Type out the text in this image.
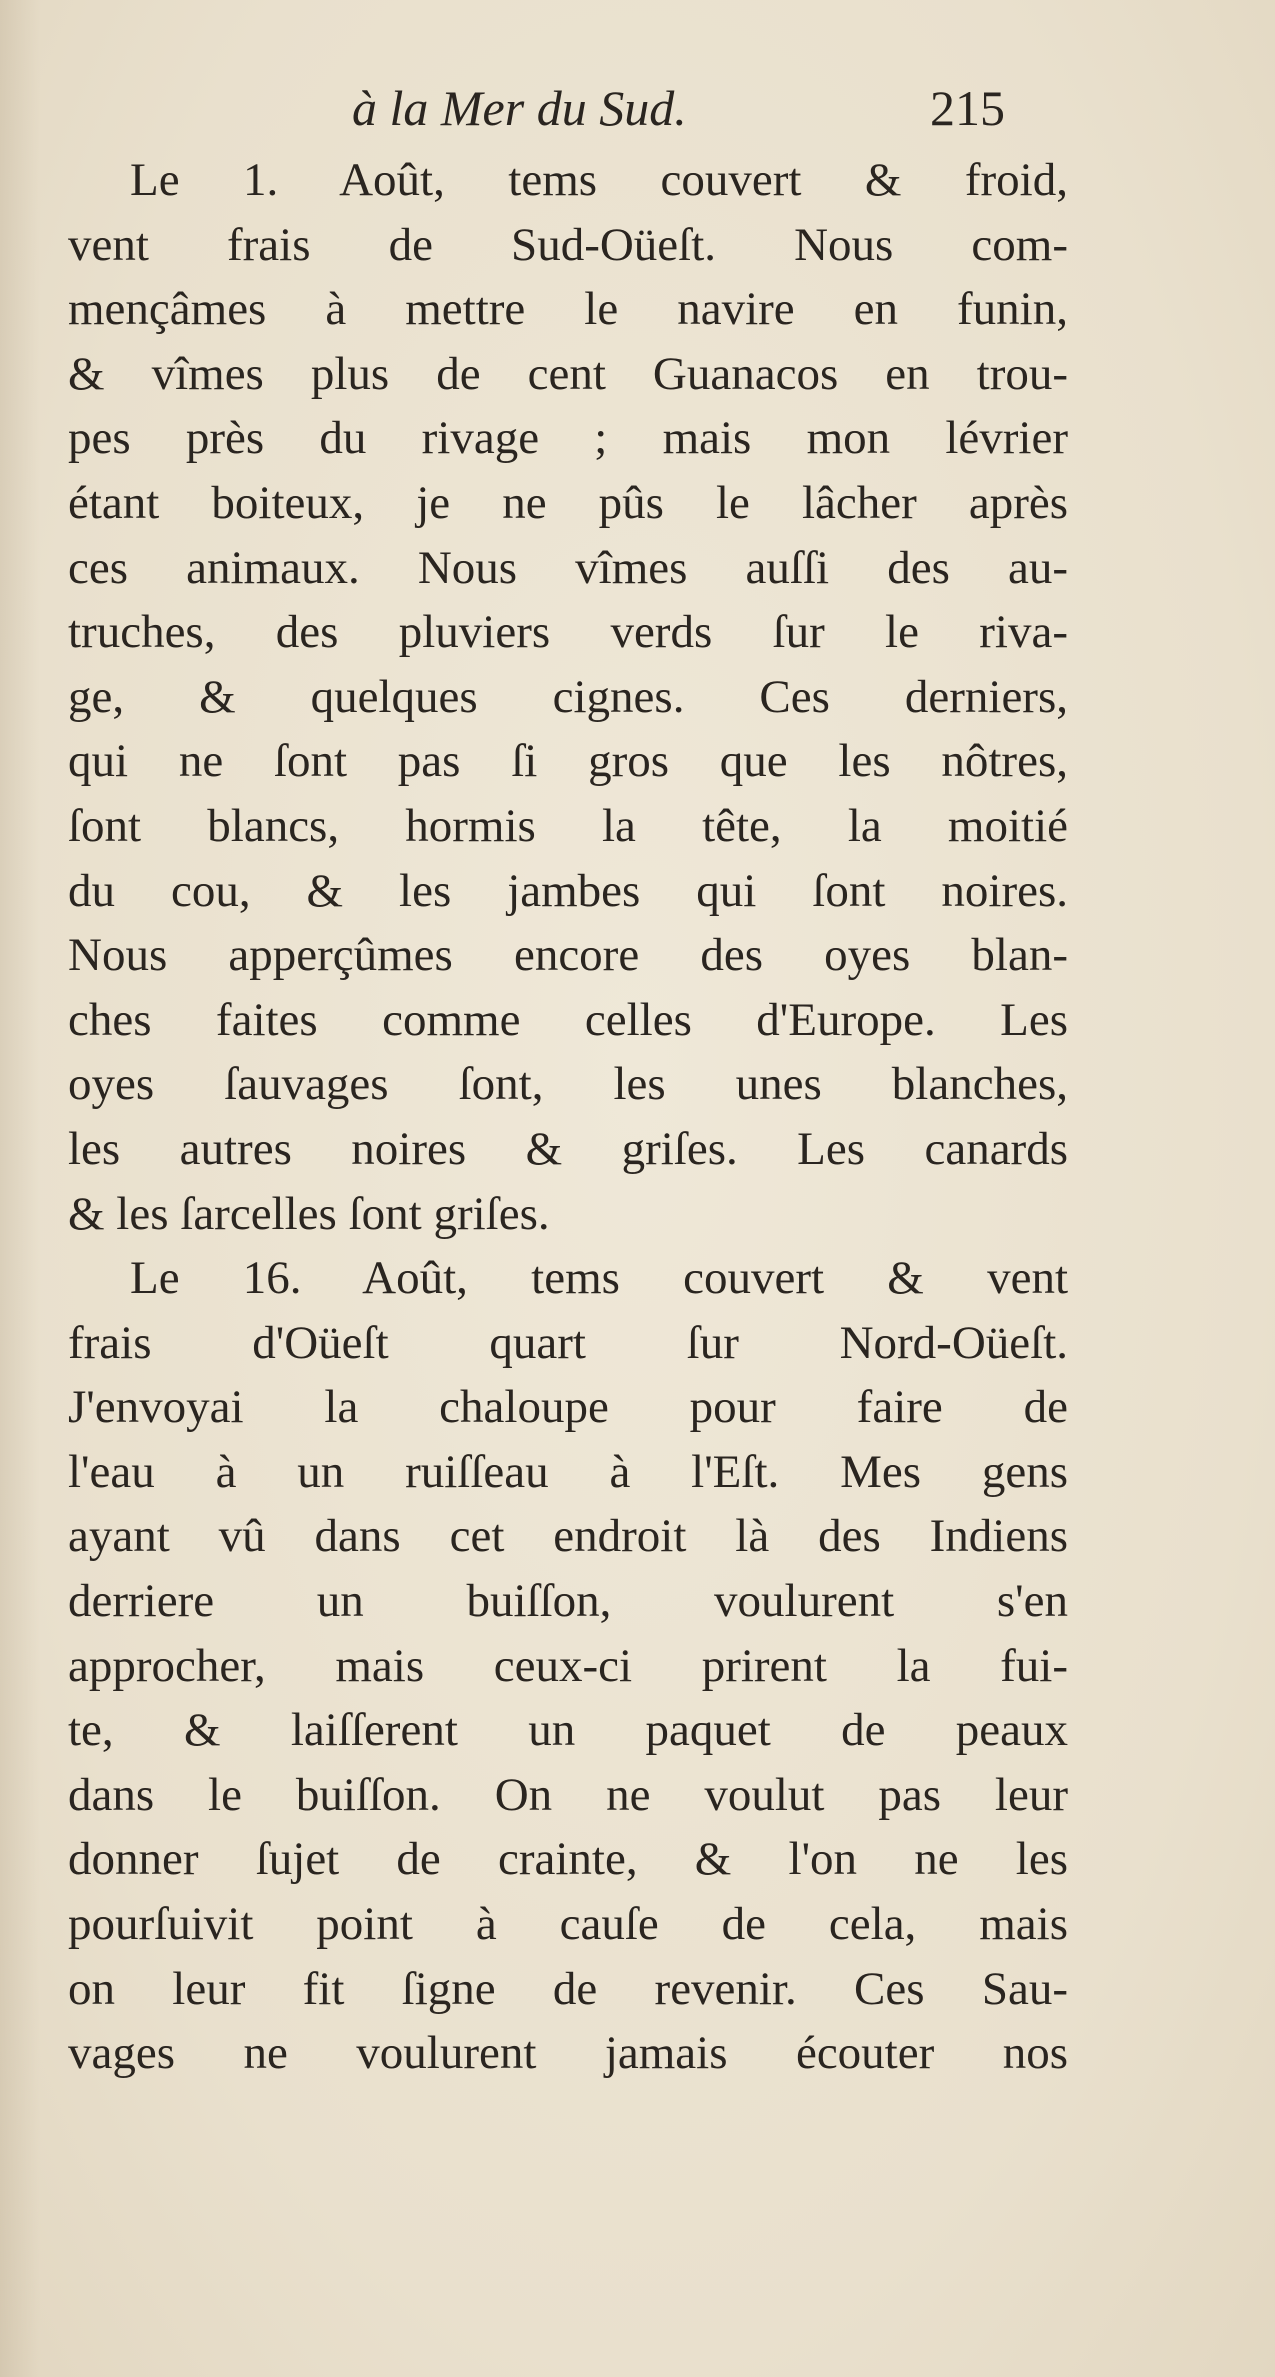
à la Mer du Sud.	215
Le 1. Août, tems couvert & froid,
vent frais de Sud-Oüeſt. Nous com-
mençâmes à mettre le navire en funin,
& vîmes plus de cent Guanacos en trou-
pes près du rivage ; mais mon lévrier
étant boiteux, je ne pûs le lâcher après
ces animaux. Nous vîmes auſſi des au-
truches, des pluviers verds ſur le riva-
ge, & quelques cignes. Ces derniers,
qui ne ſont pas ſi gros que les nôtres,
ſont blancs, hormis la tête, la moitié
du cou, & les jambes qui ſont noires.
Nous apperçûmes encore des oyes blan-
ches faites comme celles d'Europe. Les
oyes ſauvages ſont, les unes blanches,
les autres noires & griſes. Les canards
& les ſarcelles ſont griſes.
Le 16. Août, tems couvert & vent
frais d'Oüeſt quart ſur Nord-Oüeſt.
J'envoyai la chaloupe pour faire de
l'eau à un ruiſſeau à l'Eſt. Mes gens
ayant vû dans cet endroit là des Indiens
derriere un buiſſon, voulurent s'en
approcher, mais ceux-ci prirent la fui-
te, & laiſſerent un paquet de peaux
dans le buiſſon. On ne voulut pas leur
donner ſujet de crainte, & l'on ne les
pourſuivit point à cauſe de cela, mais
on leur fit ſigne de revenir. Ces Sau-
vages ne voulurent jamais écouter nos
